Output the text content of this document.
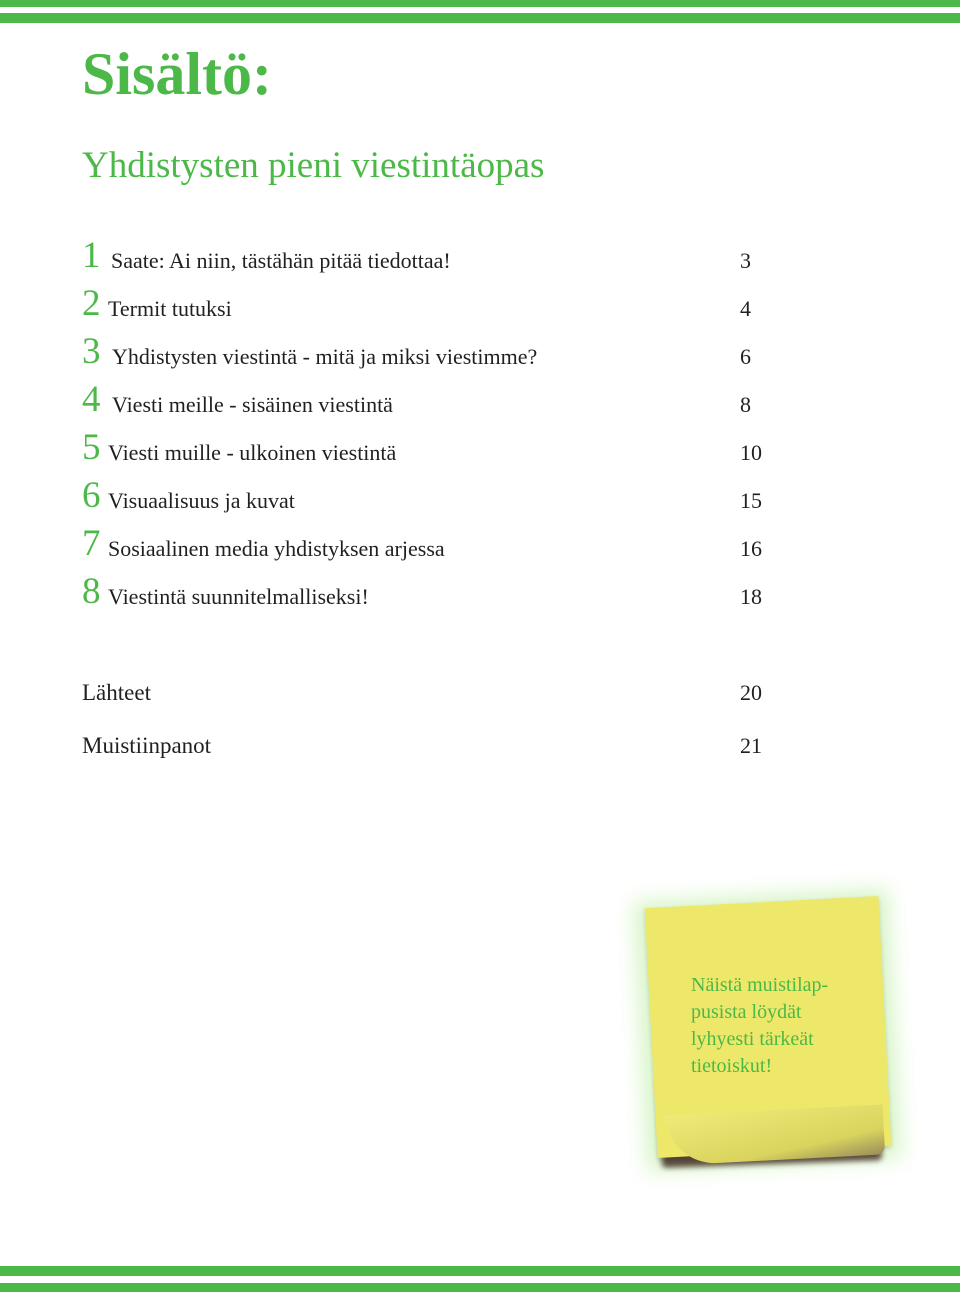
Sisältö:
Yhdistysten pieni viestintäopas
1 Saate: Ai niin, tästähän pitää tiedottaa!	3
2 Termit tutuksi	4
3 Yhdistysten viestintä - mitä ja miksi viestimme?	6
4 Viesti meille - sisäinen viestintä	8
5 Viesti muille - ulkoinen viestintä	10
6 Visuaalisuus ja kuvat	15
7 Sosiaalinen media yhdistyksen arjessa	16
8 Viestintä suunnitelmalliseksi!	18
Lähteet	20
Muistiinpanot	21

Näistä muistilap-
pusista löydät
lyhyesti tärkeät
tietoiskut!
